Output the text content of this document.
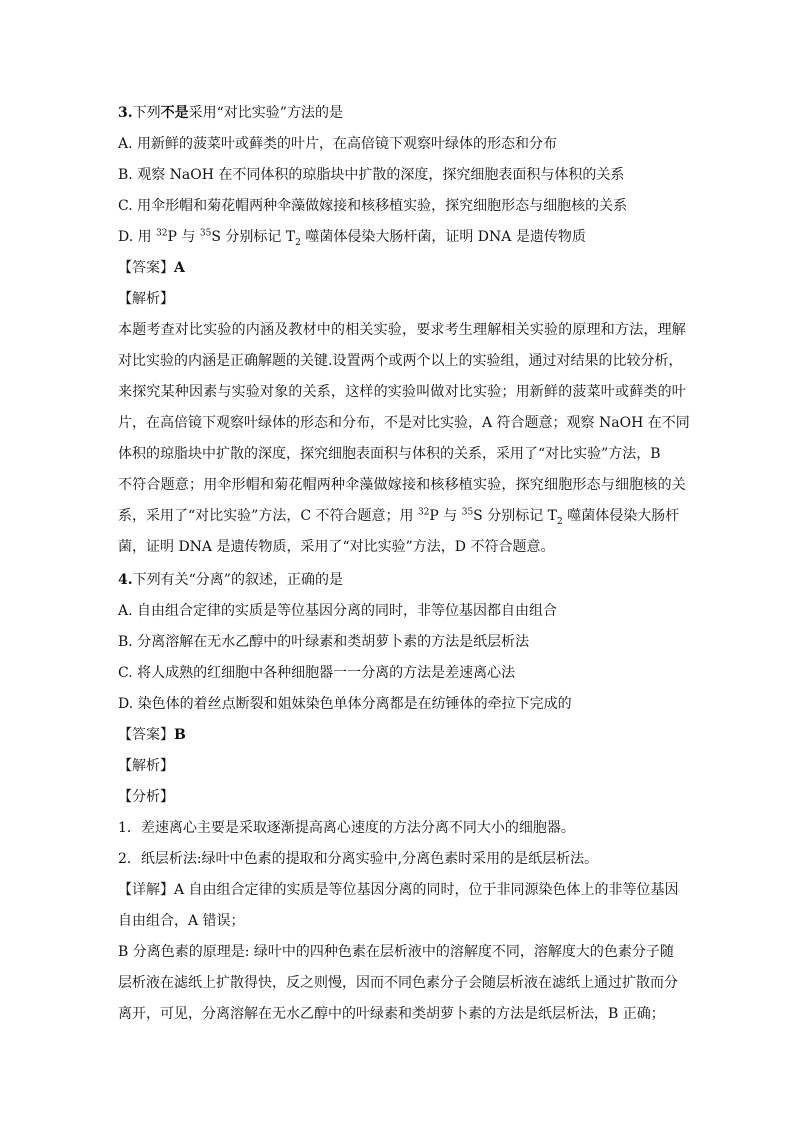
3.下列不是采用“对比实验”方法的是
A. 用新鲜的菠菜叶或藓类的叶片，在高倍镜下观察叶绿体的形态和分布
B. 观察 NaOH 在不同体积的琼脂块中扩散的深度，探究细胞表面积与体积的关系
C. 用伞形帽和菊花帽两种伞藻做嫁接和核移植实验，探究细胞形态与细胞核的关系
D. 用 $^{32}$P 与 $^{35}$S 分别标记 $T_2$ 噬菌体侵染大肠杆菌，证明 DNA 是遗传物质
【答案】A
【解析】
本题考查对比实验的内涵及教材中的相关实验，要求考生理解相关实验的原理和方法，理解
对比实验的内涵是正确解题的关键.设置两个或两个以上的实验组，通过对结果的比较分析，
来探究某种因素与实验对象的关系，这样的实验叫做对比实验；用新鲜的菠菜叶或藓类的叶
片，在高倍镜下观察叶绿体的形态和分布，不是对比实验，A 符合题意；观察 NaOH 在不同
体积的琼脂块中扩散的深度，探究细胞表面积与体积的关系，采用了“对比实验”方法，B
不符合题意；用伞形帽和菊花帽两种伞藻做嫁接和核移植实验，探究细胞形态与细胞核的关
系，采用了“对比实验”方法，C 不符合题意；用 $^{32}$P 与 $^{35}$S 分别标记 $T_2$ 噬菌体侵染大肠杆
菌，证明 DNA 是遗传物质，采用了“对比实验”方法，D 不符合题意。
4.下列有关“分离”的叙述，正确的是
A. 自由组合定律的实质是等位基因分离的同时，非等位基因都自由组合
B. 分离溶解在无水乙醇中的叶绿素和类胡萝卜素的方法是纸层析法
C. 将人成熟的红细胞中各种细胞器一一分离的方法是差速离心法
D. 染色体的着丝点断裂和姐妹染色单体分离都是在纺锤体的牵拉下完成的
【答案】B
【解析】
【分析】
1．差速离心主要是采取逐渐提高离心速度的方法分离不同大小的细胞器。
2．纸层析法:绿叶中色素的提取和分离实验中,分离色素时采用的是纸层析法。
【详解】A 自由组合定律的实质是等位基因分离的同时，位于非同源染色体上的非等位基因
自由组合，A 错误；
B 分离色素的原理是: 绿叶中的四种色素在层析液中的溶解度不同，溶解度大的色素分子随
层析液在滤纸上扩散得快，反之则慢，因而不同色素分子会随层析液在滤纸上通过扩散而分
离开，可见，分离溶解在无水乙醇中的叶绿素和类胡萝卜素的方法是纸层析法，B 正确；
